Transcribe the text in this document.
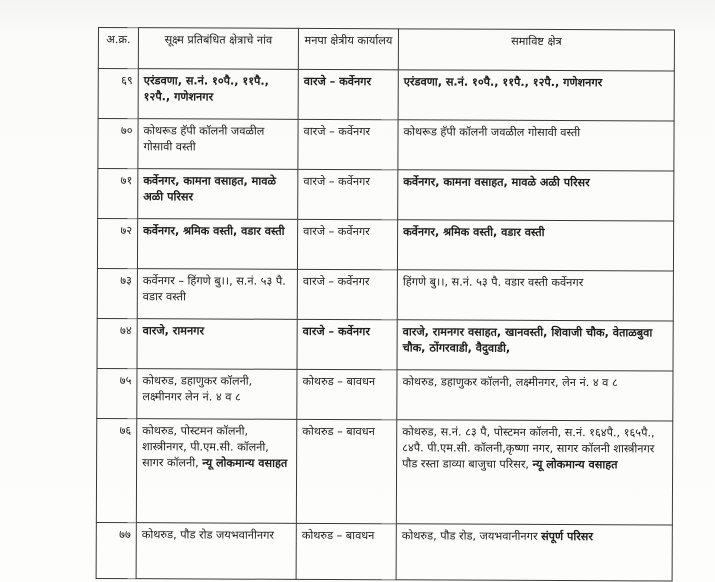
अ.क्र.	सूक्ष्म प्रतिबंधित क्षेत्राचे नांव	मनपा क्षेत्रीय कार्यालय	समाविष्ट क्षेत्र
६९	एरंडवणा, स.नं. १०पै., ११पै., १२पै., गणेशनगर	वारजे – कर्वेनगर	एरंडवणा, स.नं. १०पै., ११पै., १२पै., गणेशनगर
७०	कोथरूड हॅपी कॉलनी जवळील गोसावी वस्ती	वारजे – कर्वेनगर	कोथरूड हॅपी कॉलनी जवळील गोसावी वस्ती
७१	कर्वेनगर, कामना वसाहत, मावळे अळी परिसर	वारजे – कर्वेनगर	कर्वेनगर, कामना वसाहत, मावळे अळी परिसर
७२	कर्वेनगर, श्रमिक वस्ती, वडार वस्ती	वारजे – कर्वेनगर	कर्वेनगर, श्रमिक वस्ती, वडार वस्ती
७३	कर्वेनगर – हिंगणे बु।।, स.नं. ५३ पै. वडार वस्ती	वारजे – कर्वेनगर	हिंगणे बु।।, स.नं. ५३ पै. वडार वस्ती कर्वेनगर
७४	वारजे, रामनगर	वारजे – कर्वेनगर	वारजे, रामनगर वसाहत, खानवस्ती, शिवाजी चौक, वेताळबुवा चौक, ठोंगरवाडी, वैदुवाडी,
७५	कोथरुड, डहाणुकर कॉलनी, लक्ष्मीनगर लेन नं. ४ व ८	कोथरुड – बावधन	कोथरुड, डहाणुकर कॉलनी, लक्ष्मीनगर, लेन नं. ४ व ८
७६	कोथरुड, पोस्टमन कॉलनी, शास्त्रीनगर, पी.एम.सी. कॉलनी, सागर कॉलनी, न्यू लोकमान्य वसाहत	कोथरुड – बावधन	कोथरुड, स.नं. ८३ पै, पोस्टमन कॉलनी, स.नं. १६४पै., १६५पै., ८४पै. पी.एम.सी. कॉलनी,कृष्णा नगर, सागर कॉलनी शास्त्रीनगर पौड रस्ता डाव्या बाजुचा परिसर, न्यू लोकमान्य वसाहत
७७	कोथरुड, पौड रोड जयभवानीनगर	कोथरुड – बावधन	कोथरुड, पौड रोड, जयभवानीनगर संपूर्ण परिसर
